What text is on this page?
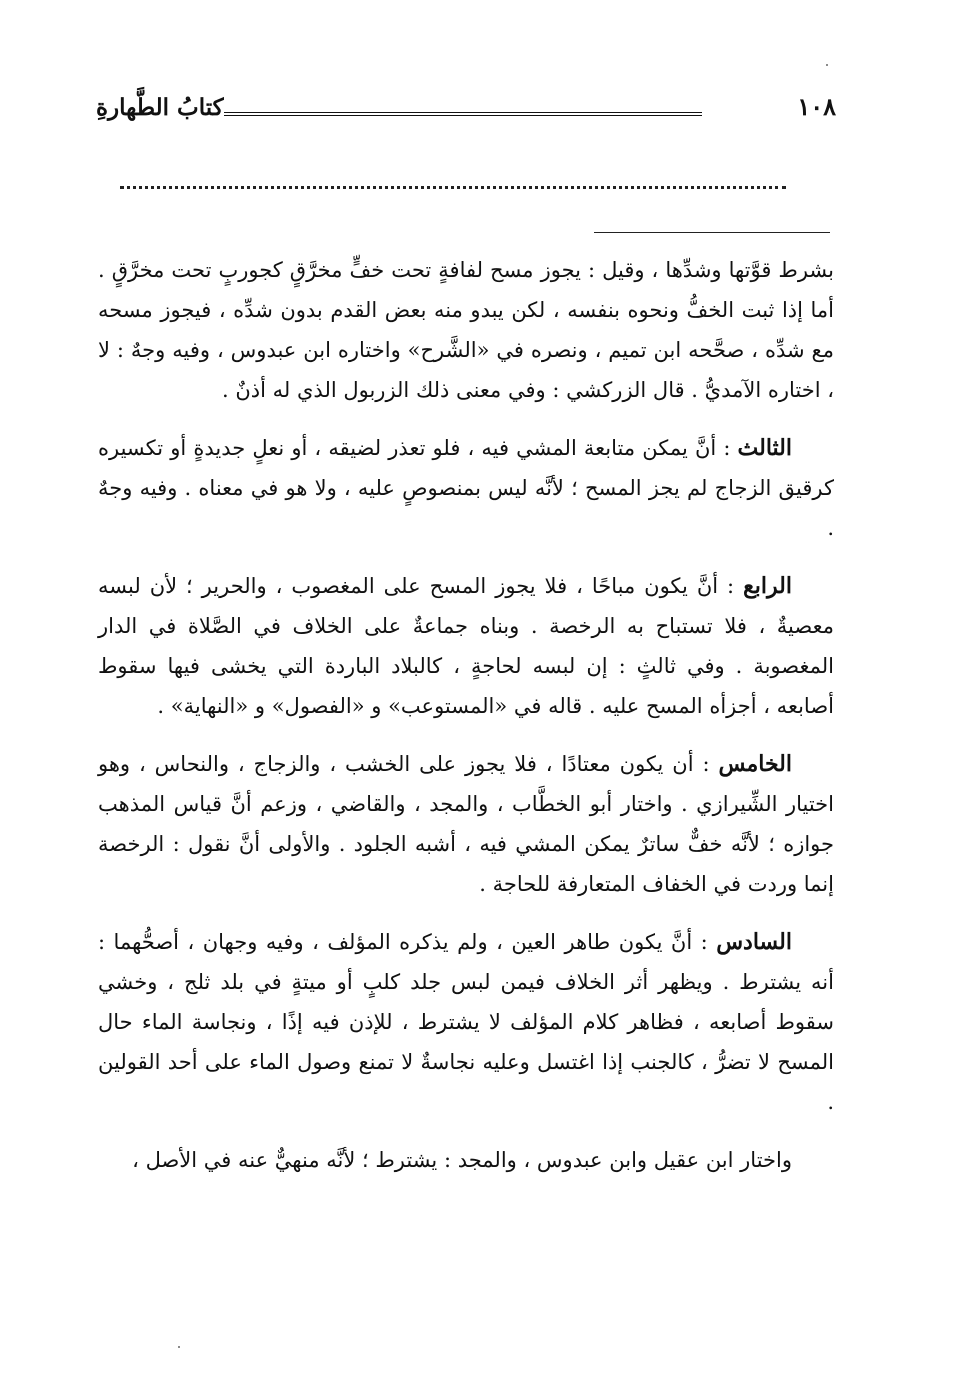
كتابُ الطَّهارةِ	١٠٨

بشرط قوَّتها وشدِّها ، وقيل : يجوز مسح لفافةٍ تحت خفٍّ مخرَّقٍ كجوربٍ تحت مخرَّقٍ . أما إذا ثبت الخفُّ ونحوه بنفسه ، لكن يبدو منه بعض القدم بدون شدِّه ، فيجوز مسحه مع شدِّه ، صحَّحه ابن تميم ، ونصره في «الشَّرح» واختاره ابن عبدوس ، وفيه وجهٌ : لا ، اختاره الآمديُّ . قال الزركشي : وفي معنى ذلك الزربول الذي له أذنٌ .

الثالث : أنَّ يمكن متابعة المشي فيه ، فلو تعذر لضيقه ، أو نعلٍ جديدةٍ أو تكسيره كرقيق الزجاج لم يجز المسح ؛ لأنَّه ليس بمنصوصٍ عليه ، ولا هو في معناه . وفيه وجهٌ .

الرابع : أنَّ يكون مباحًا ، فلا يجوز المسح على المغصوب ، والحرير ؛ لأن لبسه معصيةٌ ، فلا تستباح به الرخصة . وبناه جماعةٌ على الخلاف في الصَّلاة في الدار المغصوبة . وفي ثالثٍ : إن لبسه لحاجةٍ ، كالبلاد الباردة التي يخشى فيها سقوط أصابعه ، أجزأه المسح عليه . قاله في «المستوعب» و «الفصول» و «النهاية» .

الخامس : أن يكون معتادًا ، فلا يجوز على الخشب ، والزجاج ، والنحاس ، وهو اختيار الشِّيرازي . واختار أبو الخطَّاب ، والمجد ، والقاضي ، وزعم أنَّ قياس المذهب جوازه ؛ لأنَّه خفٌّ ساترٌ يمكن المشي فيه ، أشبه الجلود . والأولى أنَّ نقول : الرخصة إنما وردت في الخفاف المتعارفة للحاجة .

السادس : أنَّ يكون طاهر العين ، ولم يذكره المؤلف ، وفيه وجهان ، أصحُّهما : أنه يشترط . ويظهر أثر الخلاف فيمن لبس جلد كلبٍ أو ميتةٍ في بلد ثلج ، وخشي سقوط أصابعه ، فظاهر كلام المؤلف لا يشترط ، للإذن فيه إذًا ، ونجاسة الماء حال المسح لا تضرُّ ، كالجنب إذا اغتسل وعليه نجاسةٌ لا تمنع وصول الماء على أحد القولين .

واختار ابن عقيل وابن عبدوس ، والمجد : يشترط ؛ لأنَّه منهيٌّ عنه في الأصل ،
